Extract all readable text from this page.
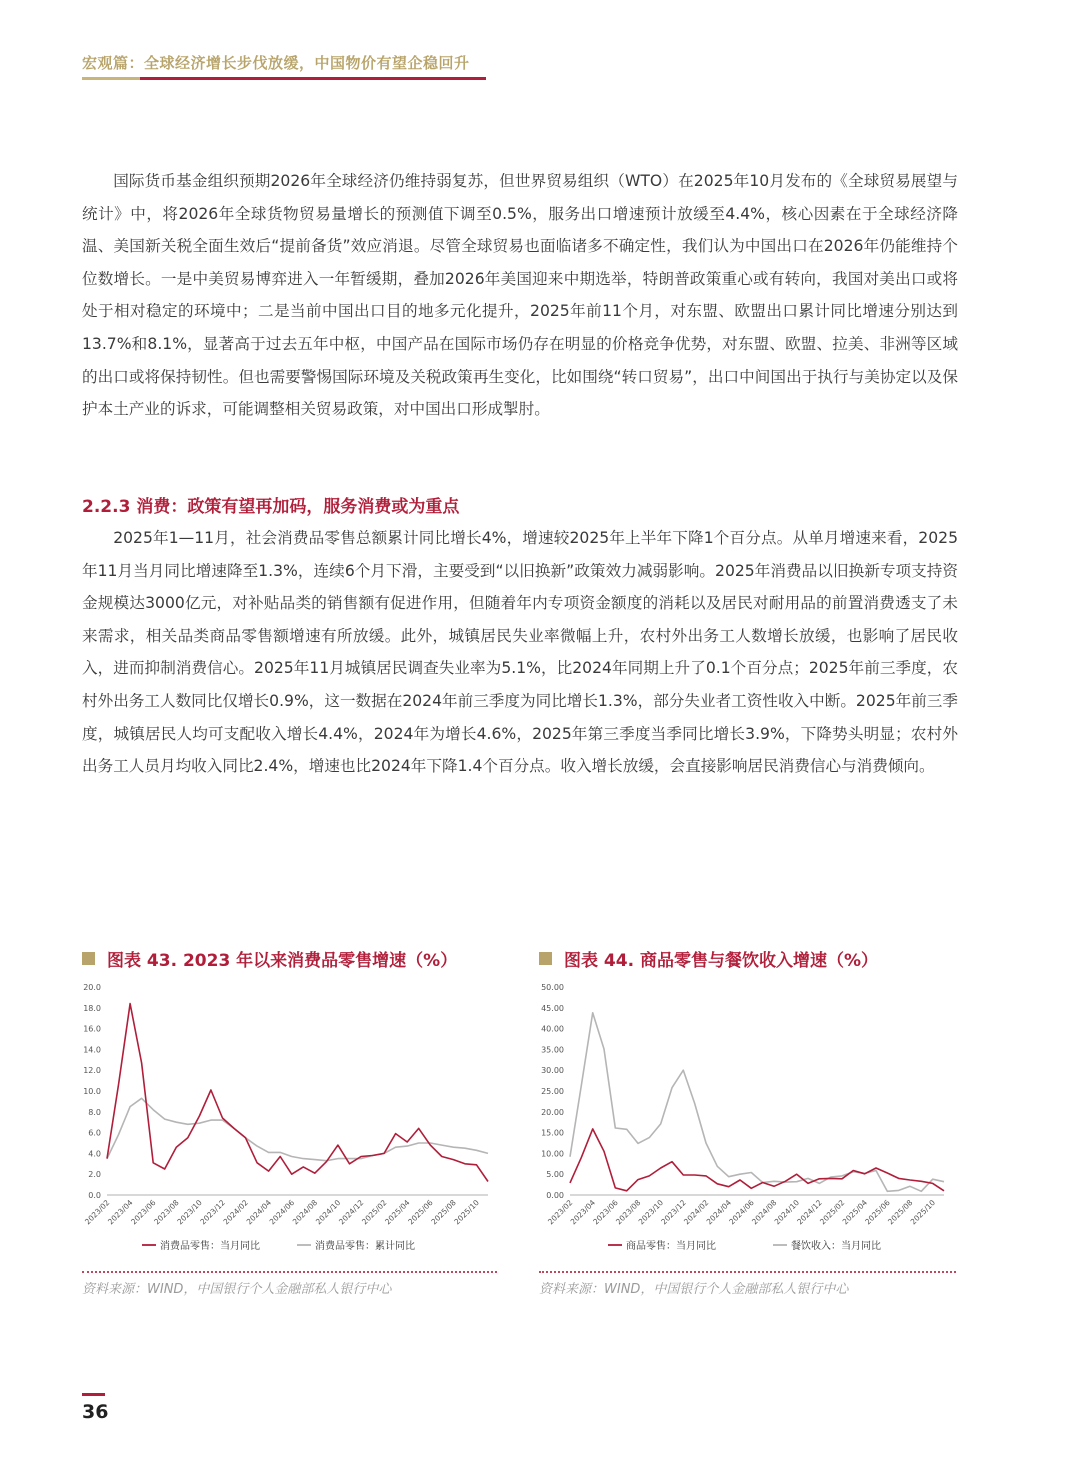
宏观篇：全球经济增长步伐放缓，中国物价有望企稳回升

国际货币基金组织预期2026年全球经济仍维持弱复苏，但世界贸易组织（WTO）在2025年10月发布的《全球贸易展望与统计》中，将2026年全球货物贸易量增长的预测值下调至0.5%，服务出口增速预计放缓至4.4%，核心因素在于全球经济降温、美国新关税全面生效后“提前备货”效应消退。尽管全球贸易也面临诸多不确定性，我们认为中国出口在2026年仍能维持个位数增长。一是中美贸易博弈进入一年暂缓期，叠加2026年美国迎来中期选举，特朗普政策重心或有转向，我国对美出口或将处于相对稳定的环境中；二是当前中国出口目的地多元化提升，2025年前11个月，对东盟、欧盟出口累计同比增速分别达到13.7%和8.1%，显著高于过去五年中枢，中国产品在国际市场仍存在明显的价格竞争优势，对东盟、欧盟、拉美、非洲等区域的出口或将保持韧性。但也需要警惕国际环境及关税政策再生变化，比如围绕“转口贸易”，出口中间国出于执行与美协定以及保护本土产业的诉求，可能调整相关贸易政策，对中国出口形成掣肘。

2.2.3 消费：政策有望再加码，服务消费或为重点

2025年1—11月，社会消费品零售总额累计同比增长4%，增速较2025年上半年下降1个百分点。从单月增速来看，2025年11月当月同比增速降至1.3%，连续6个月下滑，主要受到“以旧换新”政策效力减弱影响。2025年消费品以旧换新专项支持资金规模达3000亿元，对补贴品类的销售额有促进作用，但随着年内专项资金额度的消耗以及居民对耐用品的前置消费透支了未来需求，相关品类商品零售额增速有所放缓。此外，城镇居民失业率微幅上升，农村外出务工人数增长放缓，也影响了居民收入，进而抑制消费信心。2025年11月城镇居民调查失业率为5.1%，比2024年同期上升了0.1个百分点；2025年前三季度，农村外出务工人数同比仅增长0.9%，这一数据在2024年前三季度为同比增长1.3%，部分失业者工资性收入中断。2025年前三季度，城镇居民人均可支配收入增长4.4%，2024年为增长4.6%，2025年第三季度当季同比增长3.9%，下降势头明显；农村外出务工人员月均收入同比2.4%，增速也比2024年下降1.4个百分点。收入增长放缓，会直接影响居民消费信心与消费倾向。

图表 43. 2023 年以来消费品零售增速（%）	图表 44. 商品零售与餐饮收入增速（%）
0.0
2.0
4.0
6.0
8.0
10.0
12.0
14.0
16.0
18.0
20.0
2023/02
2023/04
2023/06
2023/08
2023/10
2023/12
2024/02
2024/04
2024/06
2024/08
2024/10
2024/12
2025/02
2025/04
2025/06
2025/08
2025/10
消费品零售：当月同比	消费品零售：累计同比
0.00
5.00
10.00
15.00
20.00
25.00
30.00
35.00
40.00
45.00
50.00
2023/02
2023/04
2023/06
2023/08
2023/10
2023/12
2024/02
2024/04
2024/06
2024/08
2024/10
2024/12
2025/02
2025/04
2025/06
2025/08
2025/10
商品零售：当月同比	餐饮收入：当月同比
资料来源：WIND，中国银行个人金融部私人银行中心	资料来源：WIND，中国银行个人金融部私人银行中心
36
